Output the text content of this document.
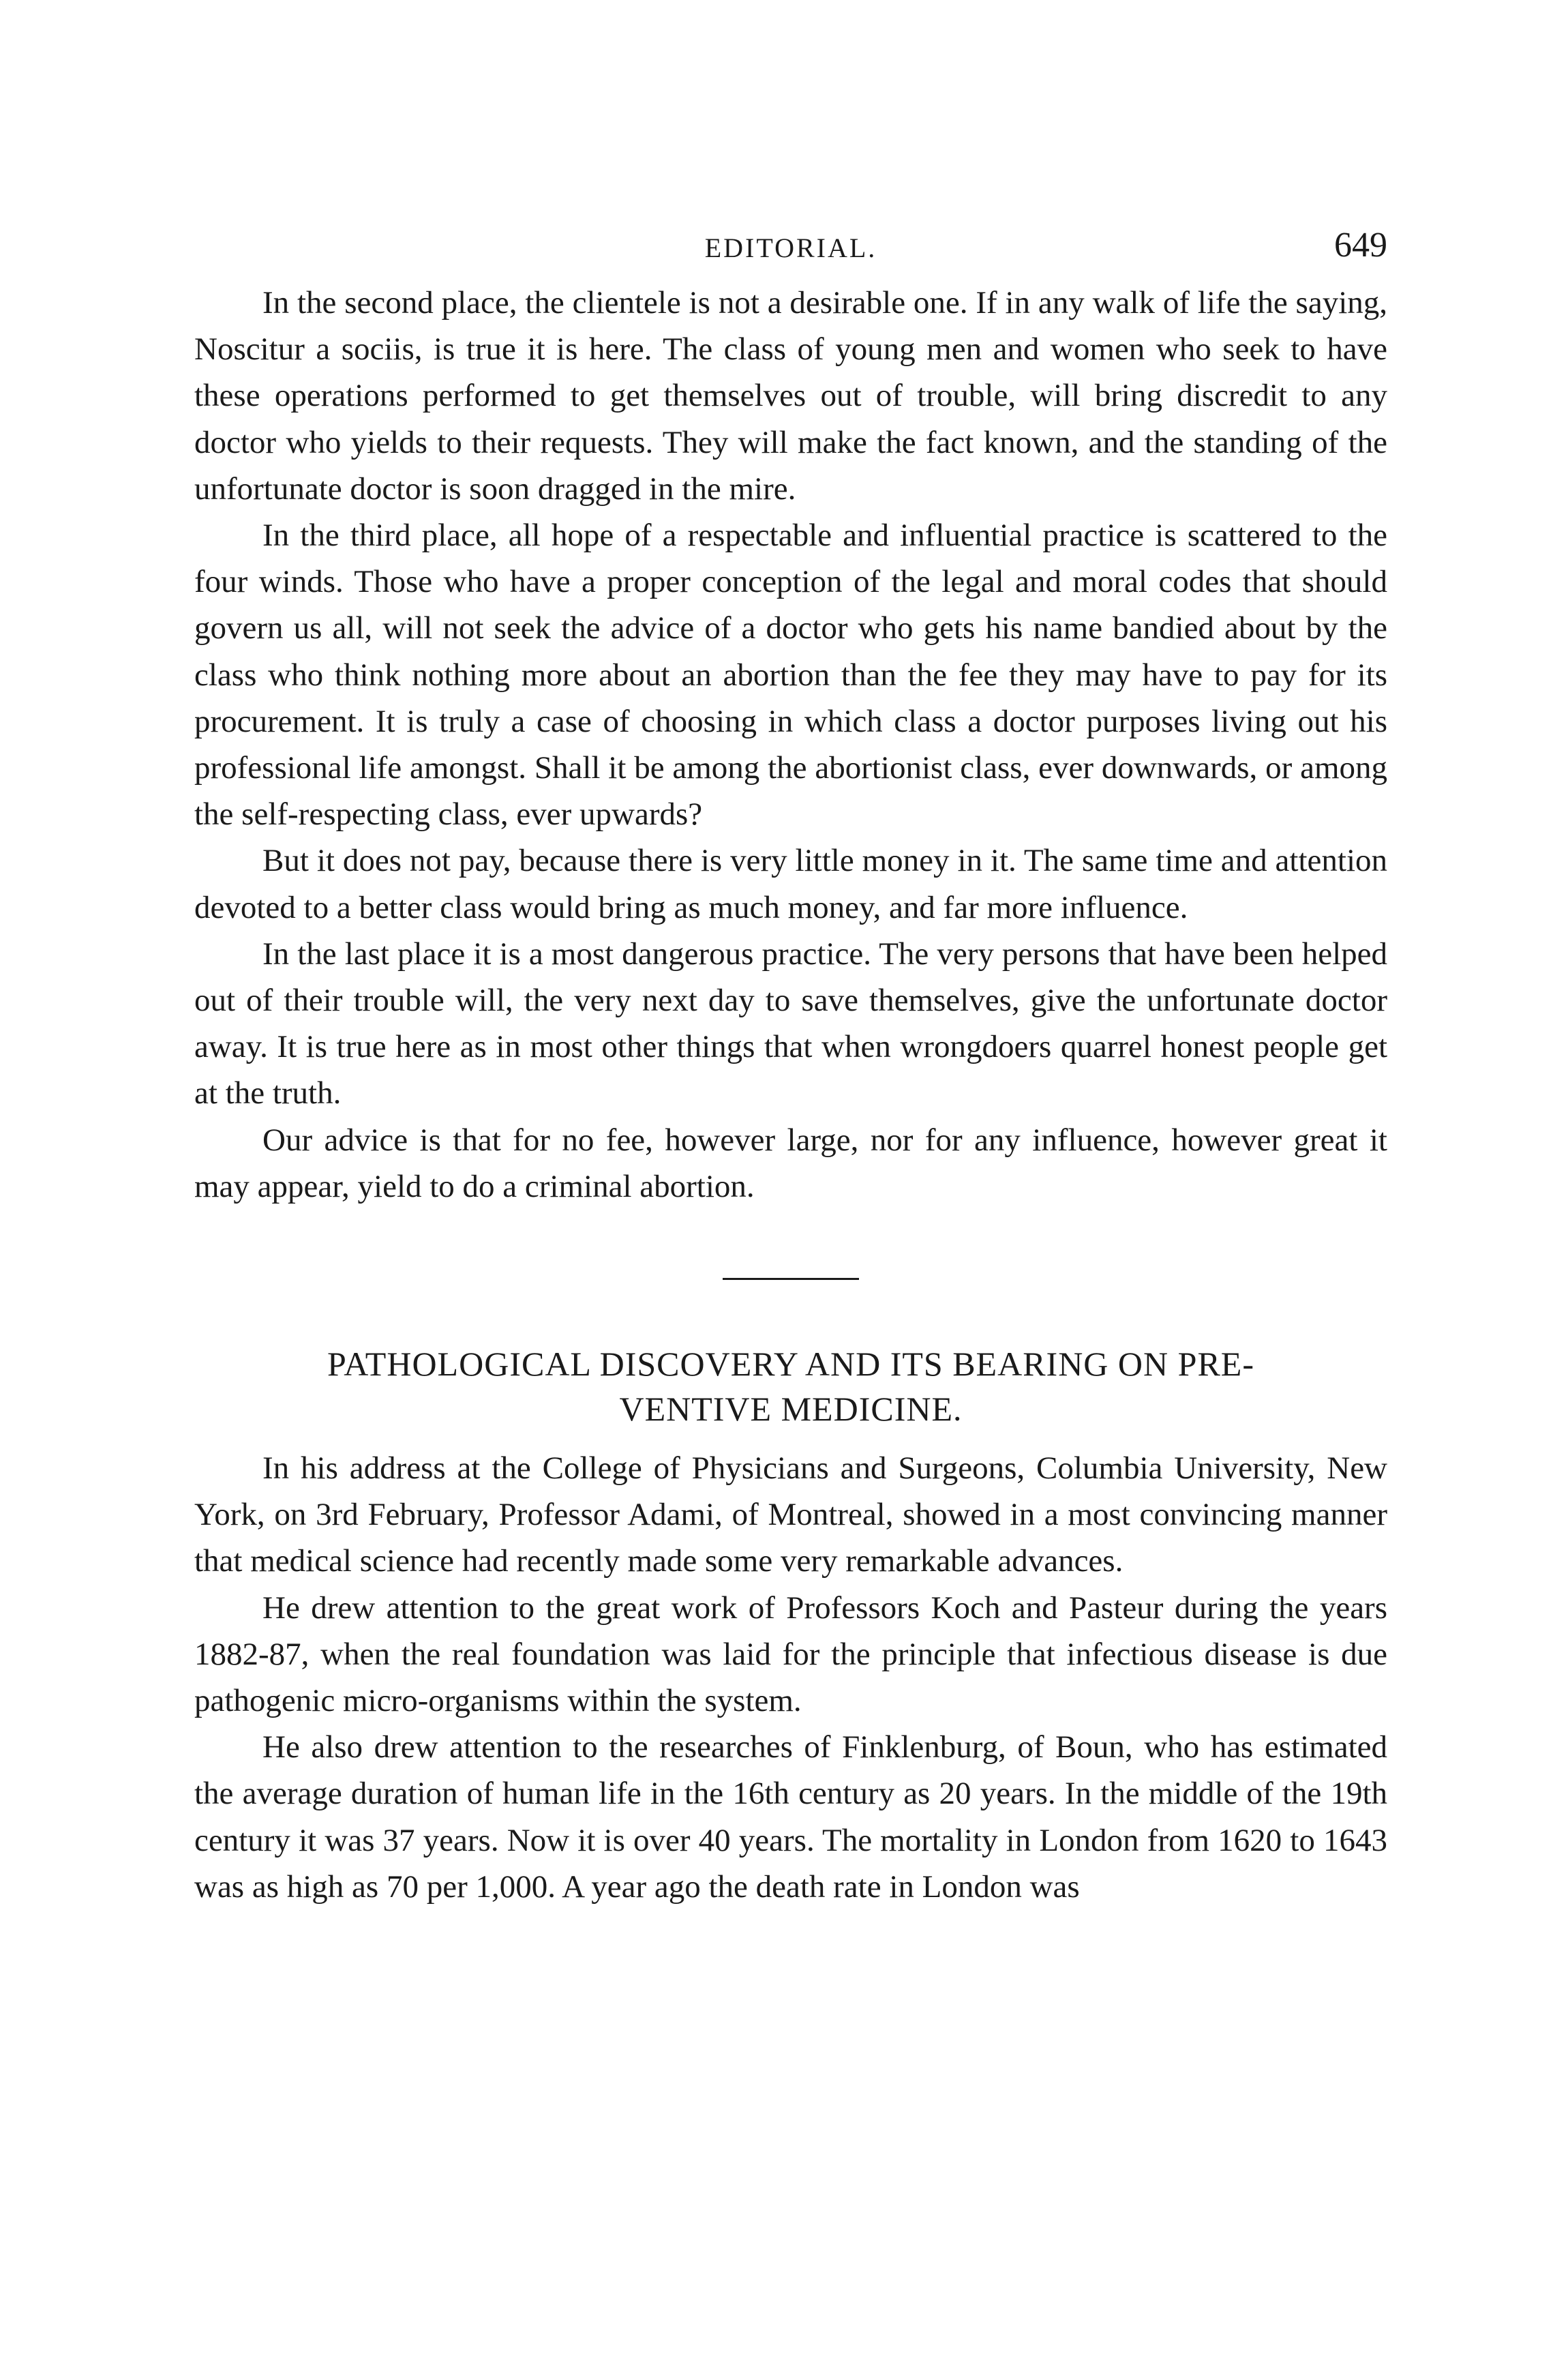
EDITORIAL.	649

In the second place, the clientele is not a desirable one. If in any walk of life the saying, Noscitur a sociis, is true it is here. The class of young men and women who seek to have these operations performed to get themselves out of trouble, will bring discredit to any doctor who yields to their requests. They will make the fact known, and the standing of the unfortunate doctor is soon dragged in the mire.

In the third place, all hope of a respectable and influential practice is scattered to the four winds. Those who have a proper conception of the legal and moral codes that should govern us all, will not seek the advice of a doctor who gets his name bandied about by the class who think nothing more about an abortion than the fee they may have to pay for its procurement. It is truly a case of choosing in which class a doctor purposes living out his professional life amongst. Shall it be among the abortionist class, ever downwards, or among the self-respecting class, ever upwards?

But it does not pay, because there is very little money in it. The same time and attention devoted to a better class would bring as much money, and far more influence.

In the last place it is a most dangerous practice. The very persons that have been helped out of their trouble will, the very next day to save themselves, give the unfortunate doctor away. It is true here as in most other things that when wrongdoers quarrel honest people get at the truth.

Our advice is that for no fee, however large, nor for any influence, however great it may appear, yield to do a criminal abortion.

PATHOLOGICAL DISCOVERY AND ITS BEARING ON PRE-
VENTIVE MEDICINE.

In his address at the College of Physicians and Surgeons, Columbia University, New York, on 3rd February, Professor Adami, of Montreal, showed in a most convincing manner that medical science had recently made some very remarkable advances.

He drew attention to the great work of Professors Koch and Pasteur during the years 1882-87, when the real foundation was laid for the principle that infectious disease is due pathogenic micro-organisms within the system.

He also drew attention to the researches of Finklenburg, of Boun, who has estimated the average duration of human life in the 16th century as 20 years. In the middle of the 19th century it was 37 years. Now it is over 40 years. The mortality in London from 1620 to 1643 was as high as 70 per 1,000. A year ago the death rate in London was
